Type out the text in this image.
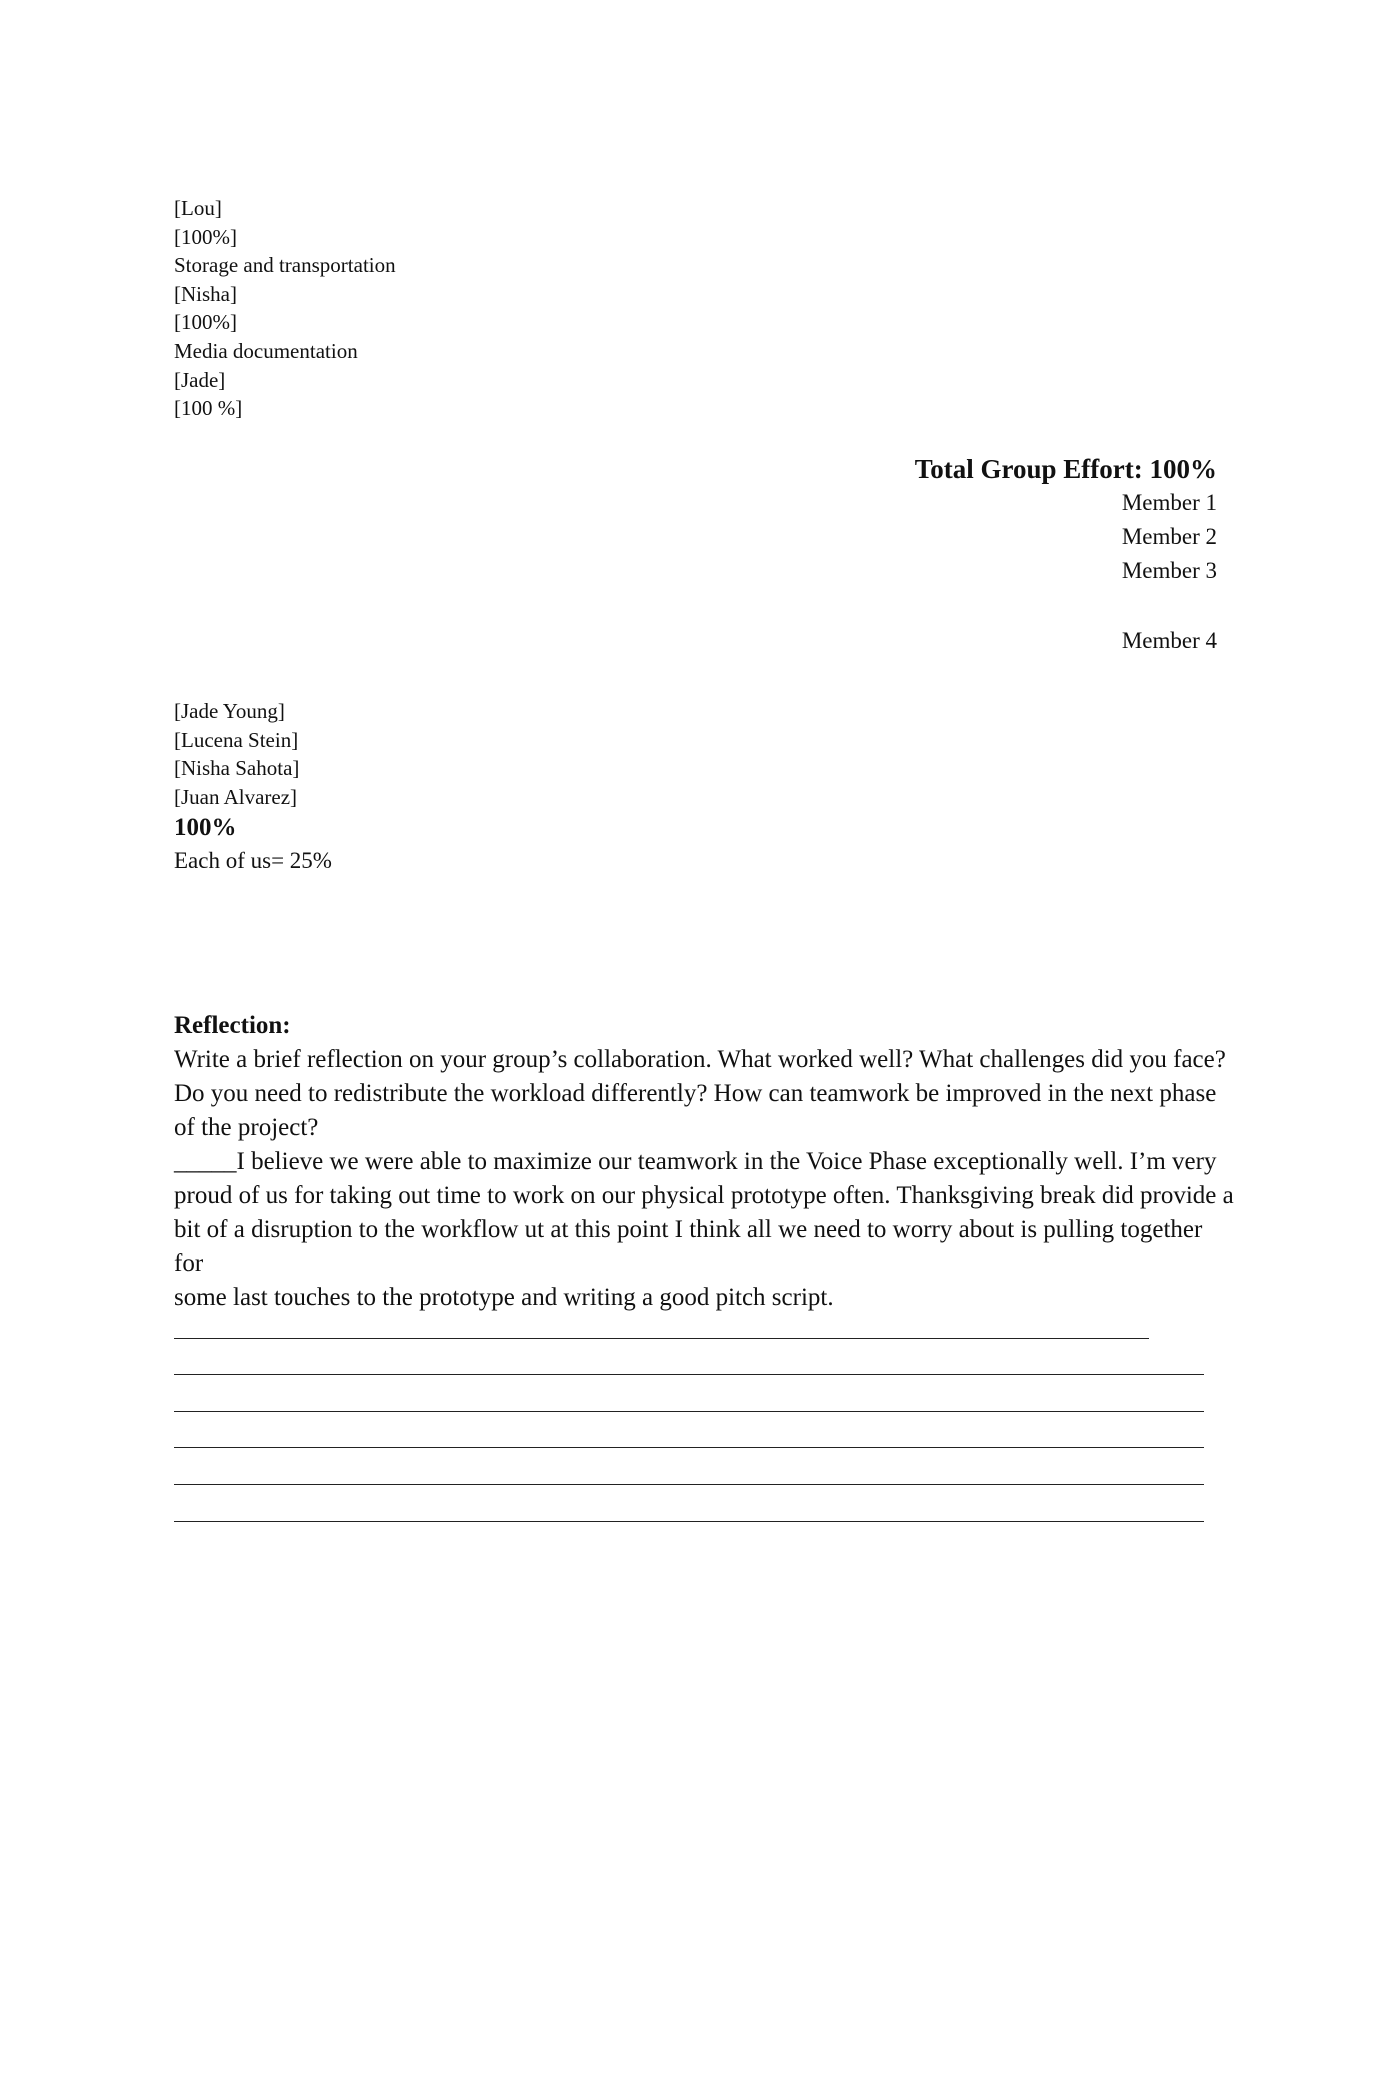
[Lou]
[100%]
Storage and transportation
[Nisha]
[100%]
Media documentation
[Jade]
[100 %]
Total Group Effort: 100%
Member 1
Member 2
Member 3
Member 4
[Jade Young]
[Lucena Stein]
[Nisha Sahota]
[Juan Alvarez]
100%
Each of us= 25%
Reflection:
Write a brief reflection on your group’s collaboration. What worked well? What challenges did you face?
Do you need to redistribute the workload differently? How can teamwork be improved in the next phase
of the project?
_____I believe we were able to maximize our teamwork in the Voice Phase exceptionally well. I’m very
proud of us for taking out time to work on our physical prototype often. Thanksgiving break did provide a
bit of a disruption to the workflow ut at this point I think all we need to worry about is pulling together for
some last touches to the prototype and writing a good pitch script.
